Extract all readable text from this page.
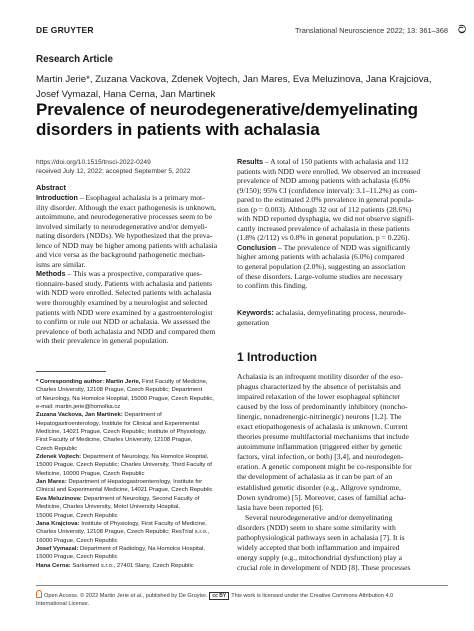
DE GRUYTER	Translational Neuroscience 2022; 13: 361–368 ට
Research Article
Martin Jerie*, Zuzana Vackova, Zdenek Vojtech, Jan Mares, Eva Meluzinova, Jana Krajciova,
Josef Vymazal, Hana Cerna, Jan Martinek
Prevalence of neurodegenerative/demyelinating
disorders in patients with achalasia
https://doi.org/10.1515/tnsci-2022-0249
received July 12, 2022; accepted September 5, 2022
Abstract
Introduction – Esophageal achalasia is a primary mot-
ility disorder. Although the exact pathogenesis is unknown,
autoimmune, and neurodegenerative processes seem to be
involved similarly to neurodegenerative and/or demyeli-
nating disorders (NDDs). We hypothesized that the preva-
lence of NDD may be higher among patients with achalasia
and vice versa as the background pathogenetic mechan-
isms are similar.
Methods – This was a prospective, comparative ques-
tionnaire-based study. Patients with achalasia and patients
with NDD were enrolled. Selected patients with achalasia
were thoroughly examined by a neurologist and selected
patients with NDD were examined by a gastroenterologist
to confirm or rule out NDD or achalasia. We assessed the
prevalence of both achalasia and NDD and compared them
with their prevalence in general population.
Results – A total of 150 patients with achalasia and 112
patients with NDD were enrolled. We observed an increased
prevalence of NDD among patients with achalasia (6.0%
(9/150); 95% CI (confidence interval): 3.1–11.2%) as com-
pared to the estimated 2.0% prevalence in general popula-
tion (p = 0.003). Although 32 out of 112 patients (28.6%)
with NDD reported dysphagia, we did not observe signifi-
cantly increased prevalence of achalasia in these patients
(1.8% (2/112) vs 0.8% in general population, p = 0.226).
Conclusion – The prevalence of NDD was significantly
higher among patients with achalasia (6.0%) compared
to general population (2.0%), suggesting an association
of these disorders. Large-volume studies are necessary
to confirm this finding.
Keywords: achalasia, demyelinating process, neurode-
generation
1 Introduction
Achalasia is an infrequent motility disorder of the eso-
phagus characterized by the absence of peristalsis and
impaired relaxation of the lower esophageal sphincter
caused by the loss of predominantly inhibitory (noncho-
linergic, nonadrenergic-nitrinergic) neurons [1,2]. The
exact etiopathogenesis of achalasia is unknown. Current
theories presume multifactorial mechanisms that include
autoimmune inflammation (triggered either by genetic
factors, viral infection, or both) [3,4], and neurodegen-
eration. A genetic component might be co-responsible for
the development of achalasia as it can be part of an
established genetic disorder (e.g., Allgrove syndrome,
Down syndrome) [5]. Moreover, cases of familial acha-
lasia have been reported [6].
Several neurodegenerative and/or demyelinating
disorders (NDD) seem to share some similarity with
pathophysiological pathways seen in achalasia [7]. It is
widely accepted that both inflammation and impaired
energy supply (e.g., mitochondrial dysfunction) play a
crucial role in development of NDD [8]. These processes
* Corresponding author: Martin Jerie, First Faculty of Medicine,
Charles University, 12108 Prague, Czech Republic; Department
of Neurology, Na Homolce Hospital, 15000 Prague, Czech Republic,
e-mail: martin.jerie@homolka.cz
Zuzana Vackova, Jan Martinek: Department of
Hepatogastroenterology, Institute for Clinical and Experimental
Medicine, 14021 Prague, Czech Republic; Institute of Physiology,
First Faculty of Medicine, Charles University, 12108 Prague,
Czech Republic
Zdenek Vojtech: Department of Neurology, Na Homolce Hospital,
15000 Prague, Czech Republic; Charles University, Third Faculty of
Medicine, 10000 Prague, Czech Republic
Jan Mares: Department of Hepatogastroenterology, Institute for
Clinical and Experimental Medicine, 14021 Prague, Czech Republic
Eva Meluzinova: Department of Neurology, Second Faculty of
Medicine, Charles University, Motol University Hospital,
15006 Prague, Czech Republic
Jana Krajciova: Institute of Physiology, First Faculty of Medicine,
Charles University, 12108 Prague, Czech Republic; ResTrial s.r.o.,
16000 Prague, Czech Republic
Josef Vymazal: Department of Radiology, Na Homolce Hospital,
15000 Prague, Czech Republic
Hana Cerna: Sarkamed s.r.o., 27401 Slany, Czech Republic
Open Access. © 2022 Martin Jerie et al., published by De Gruyter. cc BY This work is licensed under the Creative Commons Attribution 4.0
International License.
